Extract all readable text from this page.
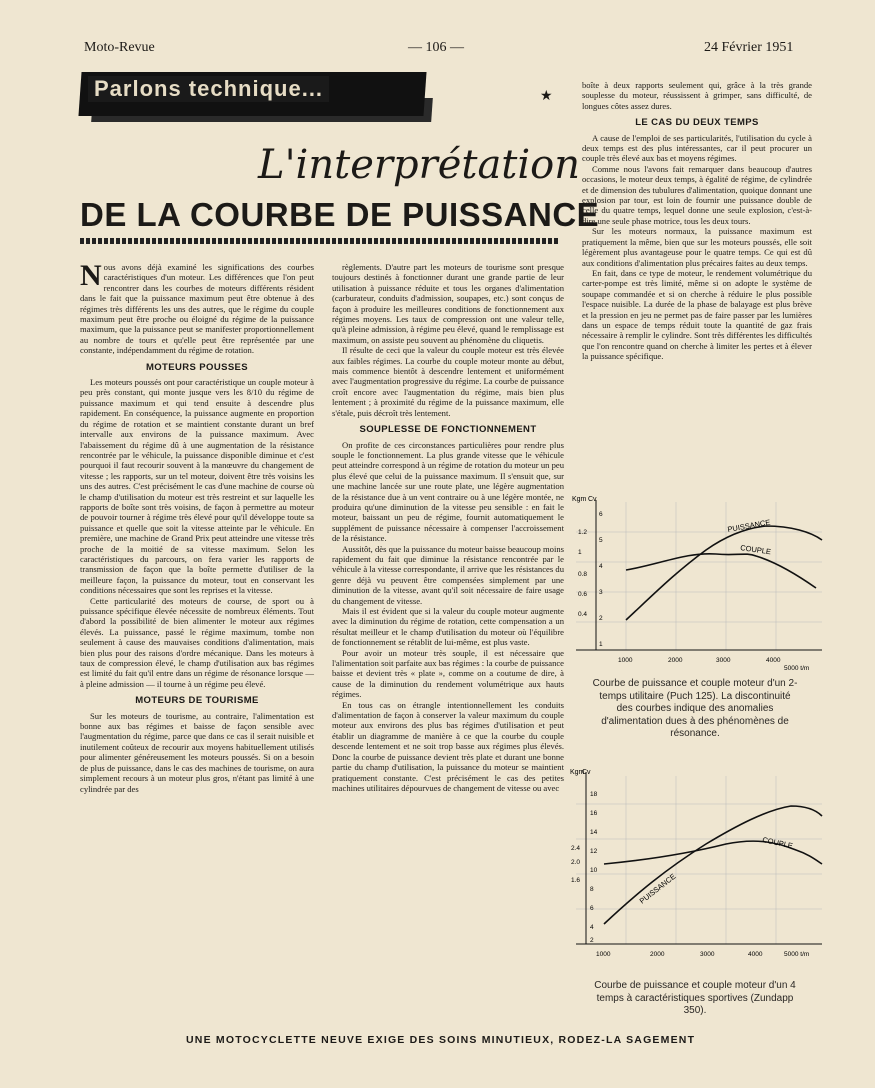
Moto-Revue	— 106 —	24 Février 1951
Parlons technique...	★
L'interprétation
DE LA COURBE DE PUISSANCE

Nous avons déjà examiné les significations des courbes caractéristiques d'un moteur. Les différences que l'on peut rencontrer dans les courbes de moteurs différents résident dans le fait que la puissance maximum peut être obtenue à des régimes très différents les uns des autres, que le régime du couple maximum peut être proche ou éloigné du régime de la puissance maximum, que la puissance peut se manifester proportionnellement au nombre de tours et qu'elle peut être représentée par une constante, indépendamment du régime de rotation.

MOTEURS POUSSES

Les moteurs poussés ont pour caractéristique un couple moteur à peu près constant, qui monte jusque vers les 8/10 du régime de puissance maximum et qui tend ensuite à descendre plus rapidement. En conséquence, la puissance augmente en proportion du régime de rotation et se maintient constante durant un bref intervalle aux environs de la puissance maximum. Avec l'abaissement du régime dû à une augmentation de la résistance rencontrée par le véhicule, la puissance disponible diminue et c'est pourquoi il faut recourir souvent à la manœuvre du changement de vitesse ; les rapports, sur un tel moteur, doivent être très voisins les uns des autres. C'est précisément le cas d'une machine de course où le champ d'utilisation du moteur est très restreint et sur laquelle les rapports de boîte sont très voisins, de façon à permettre au moteur de pouvoir tourner à régime très élevé pour qu'il développe toute sa puissance et quelle que soit la vitesse atteinte par le véhicule. En première, une machine de Grand Prix peut atteindre une vitesse très proche de la moitié de sa vitesse maximum. Selon les caractéristiques du parcours, on fera varier les rapports de transmission de façon que la boîte permette d'utiliser de la meilleure façon, la puissance du moteur, tout en conservant les conditions nécessaires que sont les reprises et la vitesse.

Cette particularité des moteurs de course, de sport ou à puissance spécifique élevée nécessite de nombreux éléments. Tout d'abord la possibilité de bien alimenter le moteur aux régimes élevés. La puissance, passé le régime maximum, tombe non seulement à cause des mauvaises conditions d'alimentation, mais bien plus pour des raisons d'ordre mécanique. Dans les moteurs à taux de compression élevé, le champ d'utilisation aux bas régimes est limité du fait qu'il entre dans un régime de résonance lorsque — à pleine admission — il tourne à un régime peu élevé.

MOTEURS DE TOURISME

Sur les moteurs de tourisme, au contraire, l'alimentation est bonne aux bas régimes et baisse de façon sensible avec l'augmentation du régime, parce que dans ce cas il serait nuisible et inutilement coûteux de recourir aux moyens habituellement utilisés pour alimenter généreusement les moteurs poussés. Si on a besoin de plus de puissance, dans le cas des machines de tourisme, on aura simplement recours à un moteur plus gros, n'étant pas limité à une cylindrée par des

règlements. D'autre part les moteurs de tourisme sont presque toujours destinés à fonctionner durant une grande partie de leur utilisation à puissance réduite et tous les organes d'alimentation (carburateur, conduits d'admission, soupapes, etc.) sont conçus de façon à produire les meilleures conditions de fonctionnement aux régimes moyens. Les taux de compression ont une valeur telle, qu'à pleine admission, à régime peu élevé, quand le remplissage est maximum, on assiste peu souvent au phénomène du cliquetis.

Il résulte de ceci que la valeur du couple moteur est très élevée aux faibles régimes. La courbe du couple moteur monte au début, mais commence bientôt à descendre lentement et uniformément avec l'augmentation progressive du régime. La courbe de puissance croît encore avec l'augmentation du régime, mais bien plus lentement ; à proximité du régime de la puissance maximum, elle s'étale, puis décroît très lentement.

SOUPLESSE DE FONCTIONNEMENT

On profite de ces circonstances particulières pour rendre plus souple le fonctionnement. La plus grande vitesse que le véhicule peut atteindre correspond à un régime de rotation du moteur un peu plus élevé que celui de la puissance maximum. Il s'ensuit que, sur une machine lancée sur une route plate, une légère augmentation de la résistance due à un vent contraire ou à une légère montée, ne produira qu'une diminution de la vitesse peu sensible : en fait le moteur, baissant un peu de régime, fournit automatiquement le supplément de puissance nécessaire à compenser l'accroissement de la résistance.

Aussitôt, dès que la puissance du moteur baisse beaucoup moins rapidement du fait que diminue la résistance rencontrée par le véhicule à la vitesse correspondante, il arrive que les résistances du genre déjà vu peuvent être compensées simplement par une diminution de la vitesse, avant qu'il soit nécessaire de faire usage du changement de vitesse.

Mais il est évident que si la valeur du couple moteur augmente avec la diminution du régime de rotation, cette compensation a un résultat meilleur et le champ d'utilisation du moteur où l'équilibre de fonctionnement se rétablit de lui-même, est plus vaste.

Pour avoir un moteur très souple, il est nécessaire que l'alimentation soit parfaite aux bas régimes : la courbe de puissance baisse et devient très « plate », comme on a coutume de dire, à cause de la diminution du rendement volumétrique aux hauts régimes.

En tous cas on étrangle intentionnellement les conduits d'alimentation de façon à conserver la valeur maximum du couple moteur aux environs des plus bas régimes d'utilisation et peut établir un diagramme de manière à ce que la courbe du couple descende lentement et ne soit trop basse aux régimes plus élevés. Donc la courbe de puissance devient très plate et durant une bonne partie du champ d'utilisation, la puissance du moteur se maintient pratiquement constante. C'est précisément le cas des petites machines utilitaires dépourvues de changement de vitesse ou avec

boîte à deux rapports seulement qui, grâce à la très grande souplesse du moteur, réussissent à grimper, sans difficulté, de longues côtes assez dures.

LE CAS DU DEUX TEMPS

A cause de l'emploi de ses particularités, l'utilisation du cycle à deux temps est des plus intéressantes, car il peut procurer un couple très élevé aux bas et moyens régimes.

Comme nous l'avons fait remarquer dans beaucoup d'autres occasions, le moteur deux temps, à égalité de régime, de cylindrée et de dimension des tubulures d'alimentation, quoique donnant une explosion par tour, est loin de fournir une puissance double de celle du quatre temps, lequel donne une seule explosion, c'est-à-dire une seule phase motrice, tous les deux tours.

Sur les moteurs normaux, la puissance maximum est pratiquement la même, bien que sur les moteurs poussés, elle soit légèrement plus avantageuse pour le quatre temps. Ce qui est dû aux conditions d'alimentation plus précaires faites au deux temps.

En fait, dans ce type de moteur, le rendement volumétrique du carter-pompe est très limité, même si on adopte le système de soupape commandée et si on cherche à réduire le plus possible l'espace nuisible. La durée de la phase de balayage est plus brève et la pression en jeu ne permet pas de faire passer par les lumières dans un espace de temps réduit toute la quantité de gaz frais nécessaire à remplir le cylindre. Sont très différentes les difficultés que l'on rencontre quand on cherche à limiter les pertes et à élever la puissance spécifique.

Kgm Cv
1.2
1
0.8
0.6
0.4
6
5
4
3
2
1
PUISSANCE
COUPLE
1000	2000	3000	4000
5000 t/m
Courbe de puissance et couple moteur d'un 2-temps utilitaire (Puch 125). La discontinuité des courbes indique des anomalies d'alimentation dues à des phénomènes de résonance.
Kgm
Cv
2.4
2.0
1.6
18
16
14
12
10
8
6
4
2
PUISSANCE
COUPLE
1000	2000	3000	4000	5000 t/m
Courbe de puissance et couple moteur d'un 4 temps à caractéristiques sportives (Zundapp 350).
UNE MOTOCYCLETTE NEUVE EXIGE DES SOINS MINUTIEUX, RODEZ-LA SAGEMENT
